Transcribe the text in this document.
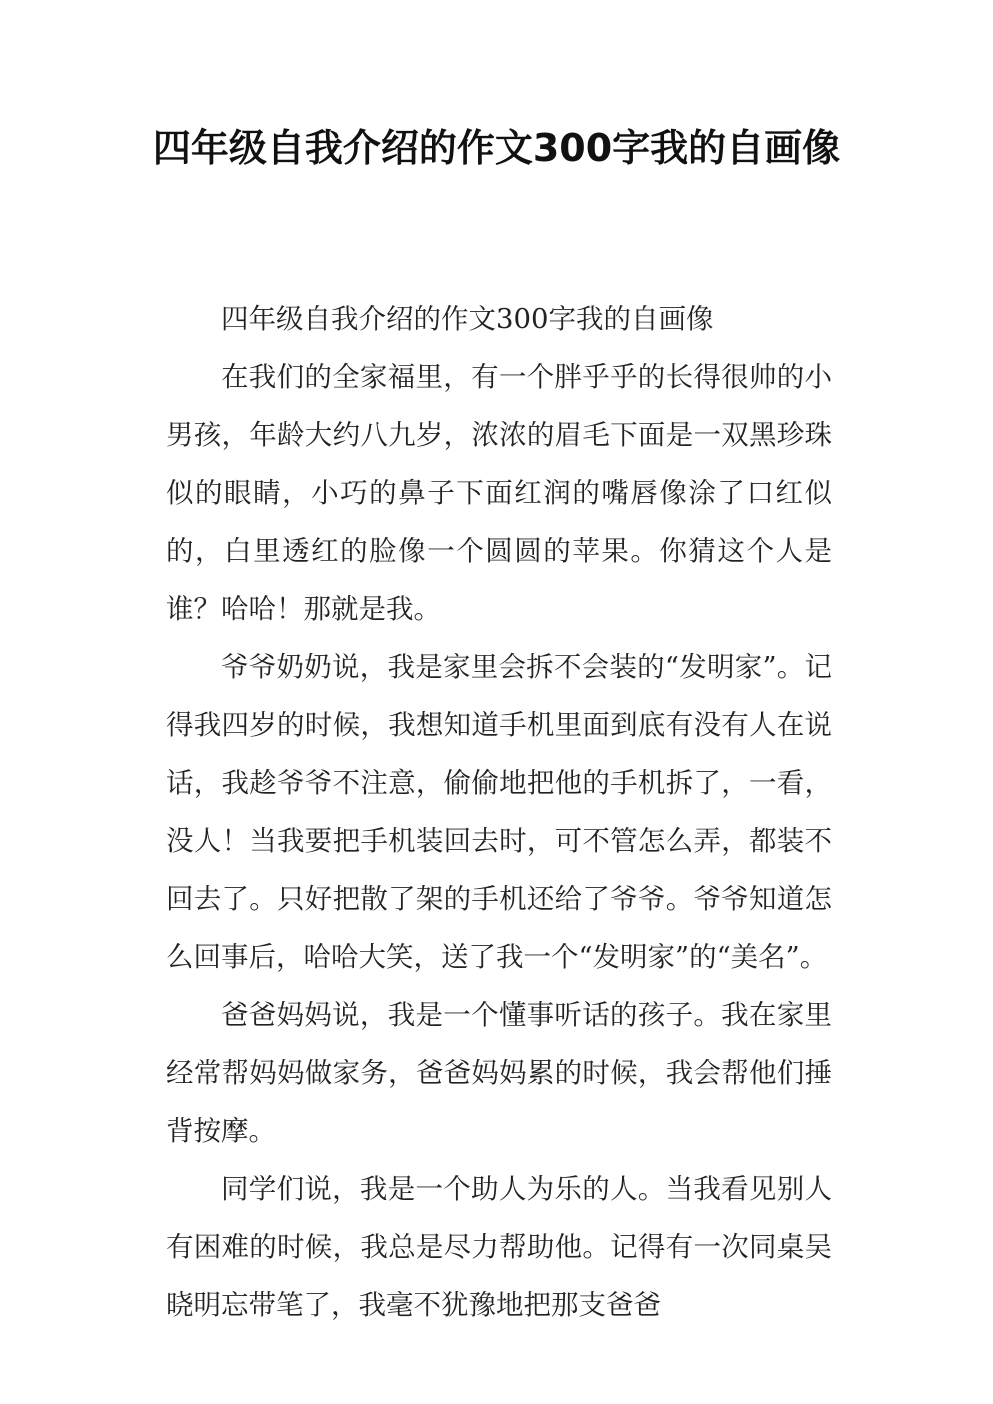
四年级自我介绍的作文300字我的自画像

四年级自我介绍的作文300字我的自画像

在我们的全家福里，有一个胖乎乎的长得很帅的小男孩，年龄大约八九岁，浓浓的眉毛下面是一双黑珍珠似的眼睛，小巧的鼻子下面红润的嘴唇像涂了口红似的，白里透红的脸像一个圆圆的苹果。你猜这个人是谁？哈哈！那就是我。

爷爷奶奶说，我是家里会拆不会装的“发明家”。记得我四岁的时候，我想知道手机里面到底有没有人在说话，我趁爷爷不注意，偷偷地把他的手机拆了，一看，没人！当我要把手机装回去时，可不管怎么弄，都装不回去了。只好把散了架的手机还给了爷爷。爷爷知道怎么回事后，哈哈大笑，送了我一个“发明家”的“美名”。

爸爸妈妈说，我是一个懂事听话的孩子。我在家里经常帮妈妈做家务，爸爸妈妈累的时候，我会帮他们捶背按摩。

同学们说，我是一个助人为乐的人。当我看见别人有困难的时候，我总是尽力帮助他。记得有一次同桌吴晓明忘带笔了，我毫不犹豫地把那支爸爸
